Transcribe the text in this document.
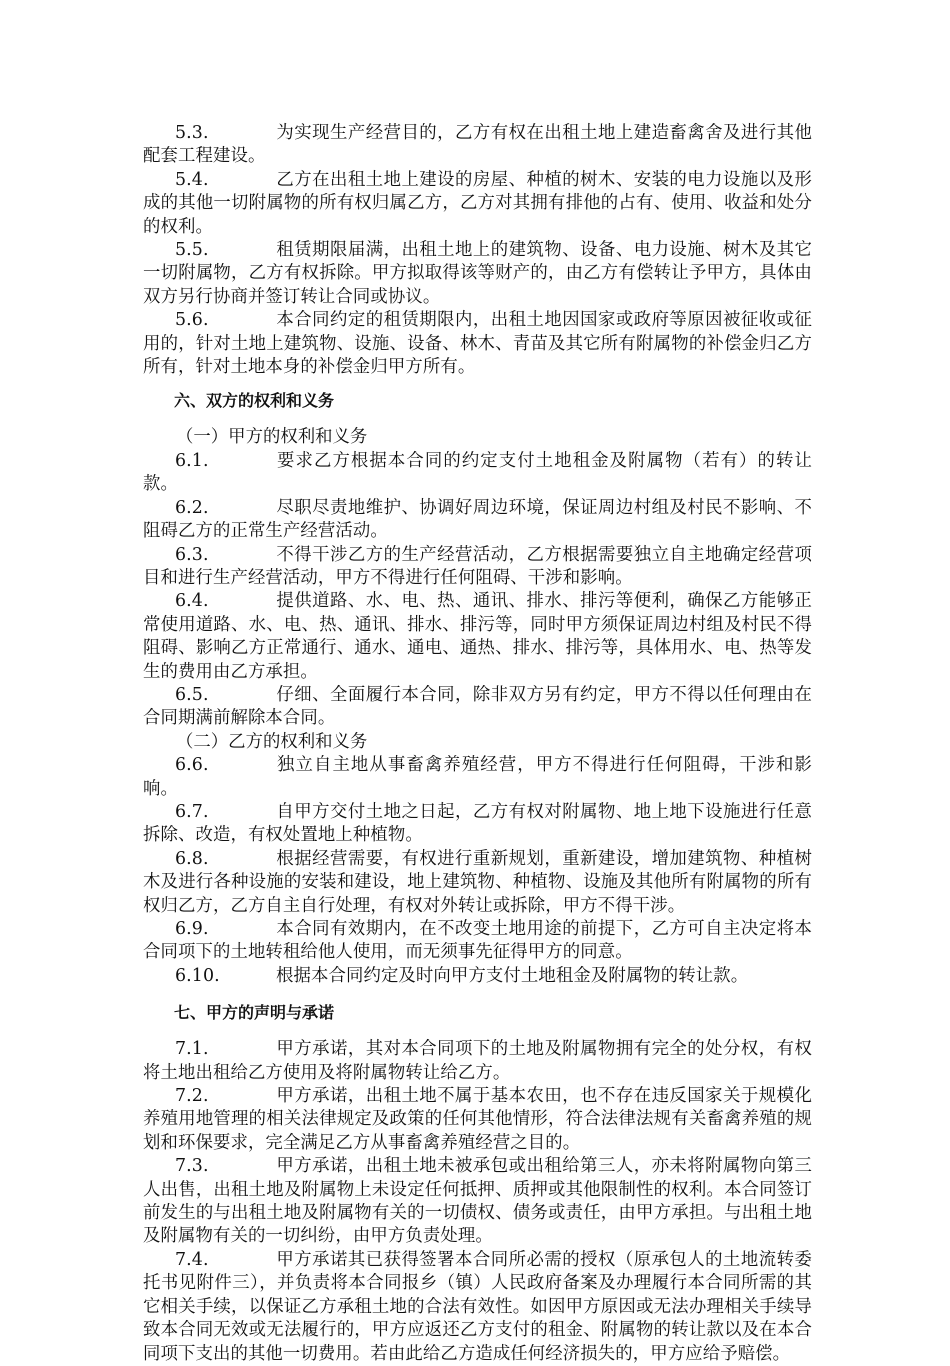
5.3.	为实现生产经营目的，乙方有权在出租土地上建造畜禽舍及进行其他配套工程建设。

5.4.	乙方在出租土地上建设的房屋、种植的树木、安装的电力设施以及形成的其他一切附属物的所有权归属乙方，乙方对其拥有排他的占有、使用、收益和处分的权利。

5.5.	租赁期限届满，出租土地上的建筑物、设备、电力设施、树木及其它一切附属物，乙方有权拆除。甲方拟取得该等财产的，由乙方有偿转让予甲方，具体由双方另行协商并签订转让合同或协议。

5.6.	本合同约定的租赁期限内，出租土地因国家或政府等原因被征收或征用的，针对土地上建筑物、设施、设备、林木、青苗及其它所有附属物的补偿金归乙方所有，针对土地本身的补偿金归甲方所有。

六、双方的权利和义务

（一）甲方的权利和义务

6.1.	要求乙方根据本合同的约定支付土地租金及附属物（若有）的转让款。

6.2.	尽职尽责地维护、协调好周边环境，保证周边村组及村民不影响、不阻碍乙方的正常生产经营活动。

6.3.	不得干涉乙方的生产经营活动，乙方根据需要独立自主地确定经营项目和进行生产经营活动，甲方不得进行任何阻碍、干涉和影响。

6.4.	提供道路、水、电、热、通讯、排水、排污等便利，确保乙方能够正常使用道路、水、电、热、通讯、排水、排污等，同时甲方须保证周边村组及村民不得阻碍、影响乙方正常通行、通水、通电、通热、排水、排污等，具体用水、电、热等发生的费用由乙方承担。

6.5.	仔细、全面履行本合同，除非双方另有约定，甲方不得以任何理由在合同期满前解除本合同。

（二）乙方的权利和义务

6.6.	独立自主地从事畜禽养殖经营，甲方不得进行任何阻碍，干涉和影响。

6.7.	自甲方交付土地之日起，乙方有权对附属物、地上地下设施进行任意拆除、改造，有权处置地上种植物。

6.8.	根据经营需要，有权进行重新规划，重新建设，增加建筑物、种植树木及进行各种设施的安装和建设，地上建筑物、种植物、设施及其他所有附属物的所有权归乙方，乙方自主自行处理，有权对外转让或拆除，甲方不得干涉。

6.9.	本合同有效期内，在不改变土地用途的前提下，乙方可自主决定将本合同项下的土地转租给他人使用，而无须事先征得甲方的同意。

6.10.	根据本合同约定及时向甲方支付土地租金及附属物的转让款。

七、甲方的声明与承诺

7.1.	甲方承诺，其对本合同项下的土地及附属物拥有完全的处分权，有权将土地出租给乙方使用及将附属物转让给乙方。

7.2.	甲方承诺，出租土地不属于基本农田，也不存在违反国家关于规模化养殖用地管理的相关法律规定及政策的任何其他情形，符合法律法规有关畜禽养殖的规划和环保要求，完全满足乙方从事畜禽养殖经营之目的。

7.3.	甲方承诺，出租土地未被承包或出租给第三人，亦未将附属物向第三人出售，出租土地及附属物上未设定任何抵押、质押或其他限制性的权利。本合同签订前发生的与出租土地及附属物有关的一切债权、债务或责任，由甲方承担。与出租土地及附属物有关的一切纠纷，由甲方负责处理。

7.4.	甲方承诺其已获得签署本合同所必需的授权（原承包人的土地流转委托书见附件三），并负责将本合同报乡（镇）人民政府备案及办理履行本合同所需的其它相关手续，以保证乙方承租土地的合法有效性。如因甲方原因或无法办理相关手续导致本合同无效或无法履行的，甲方应返还乙方支付的租金、附属物的转让款以及在本合同项下支出的其他一切费用。若由此给乙方造成任何经济损失的，甲方应给予赔偿。
